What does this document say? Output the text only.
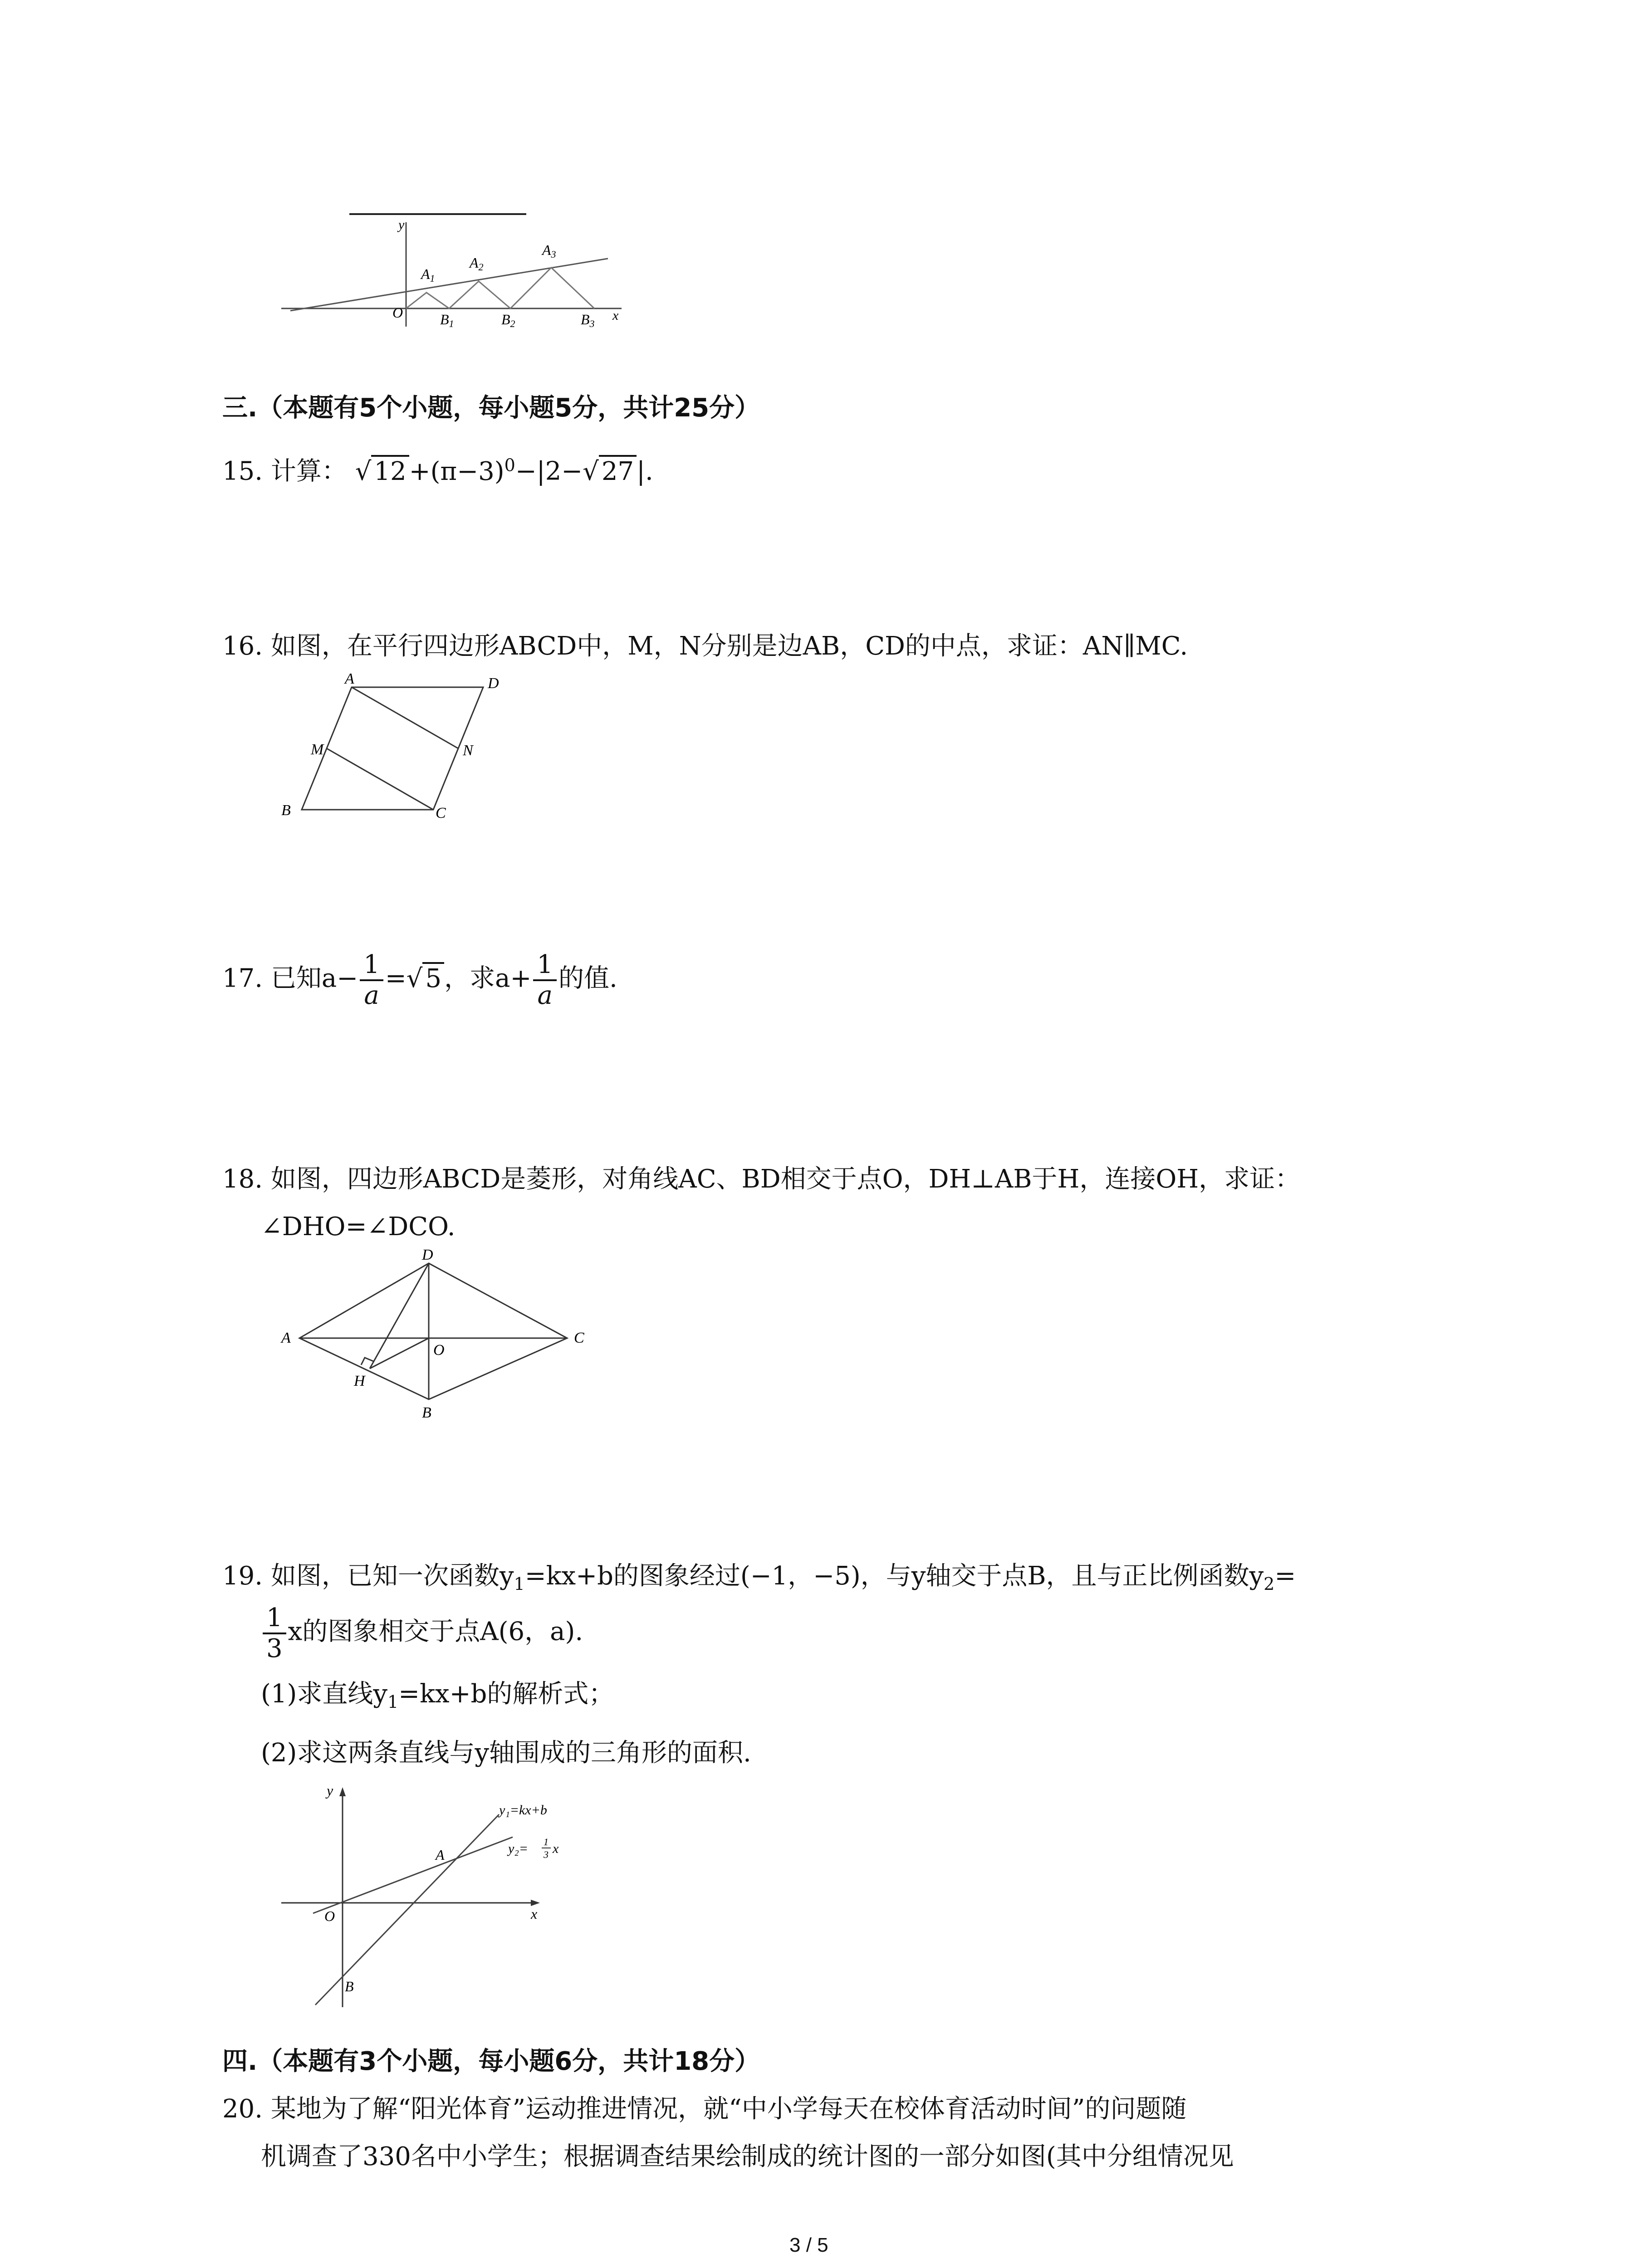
y
x
O
A1
A2
A3
B1	B2	B3
三.（本题有5个小题，每小题5分，共计25分）
15. 计算： √ $12 +(\pi-3)^0-|2-√$ 27 |.
16. 如图，在平行四边形ABCD中，M，N分别是边AB，CD的中点，求证：AN∥MC.
A	D
M	N
B	C
17. 已知$a- \frac{1}{a}$ =√ 5 ，求$a+ \frac{1}{a}$ 的值.
18. 如图，四边形ABCD是菱形，对角线AC、BD相交于点O，DH⊥AB于H，连接OH，求证：
∠DHO=∠DCO.
D
A	C
O
H
B
19. 如图，已知一次函数$y_1=kx+b$的图象经过(−1，−5)，与y轴交于点B，且与正比例函数$y_2=$
$\frac{1}{3}$ x的图象相交于点A(6，a).
(1)求直线$y_1=kx+b$的解析式；
(2)求这两条直线与y轴围成的三角形的面积.
y
x
O
A
B
y₁=kx+b
y₂= 1
3 x
四.（本题有3个小题，每小题6分，共计18分）
20. 某地为了解“阳光体育”运动推进情况，就“中小学每天在校体育活动时间”的问题随
机调查了330名中小学生；根据调查结果绘制成的统计图的一部分如图(其中分组情况见
3 / 5
